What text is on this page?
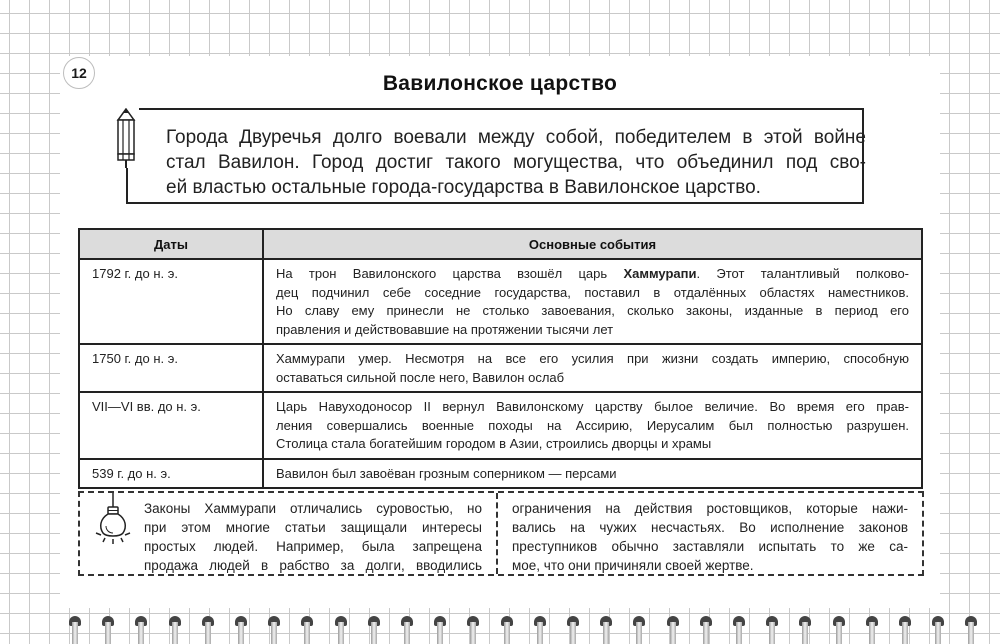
12	Вавилонское царство
Города Двуречья долго воевали между собой, победителем в этой войне
стал Вавилон. Город достиг такого могущества, что объединил под сво-
ей властью остальные города-государства в Вавилонское царство.
Даты	Основные события
1792 г. до н. э.	На трон Вавилонского царства взошёл царь Хаммурапи. Этот талантливый полково-
дец подчинил себе соседние государства, поставил в отдалённых областях наместников.
Но славу ему принесли не столько завоевания, сколько законы, изданные в период его
правления и действовавшие на протяжении тысячи лет

1750 г. до н. э.	Хаммурапи умер. Несмотря на все его усилия при жизни создать империю, способную
оставаться сильной после него, Вавилон ослаб

VII—VI вв. до н. э.	Царь Навуходоносор II вернул Вавилонскому царству былое величие. Во время его прав-
ления совершались военные походы на Ассирию, Иерусалим был полностью разрушен.
Столица стала богатейшим городом в Азии, строились дворцы и храмы

539 г. до н. э.	Вавилон был завоёван грозным соперником — персами
Законы Хаммурапи отличались суровостью, но
при этом многие статьи защищали интересы
простых людей. Например, была запрещена
продажа людей в рабство за долги, вводились
ограничения на действия ростовщиков, которые нажи-
вались на чужих несчастьях. Во исполнение законов
преступников обычно заставляли испытать то же са-
мое, что они причиняли своей жертве.
